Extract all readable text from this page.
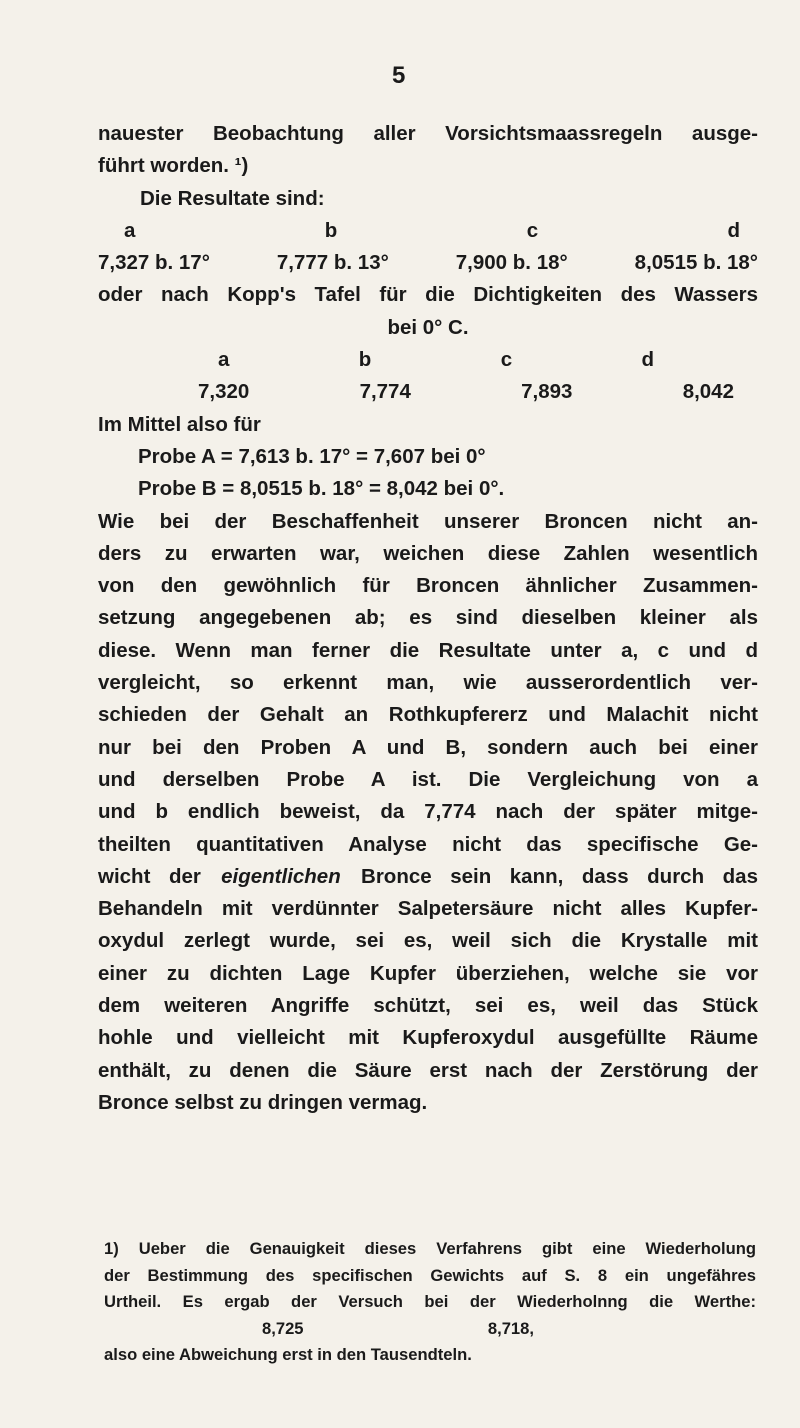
5

nauester Beobachtung aller Vorsichtsmaassregeln ausge-

führt worden. ¹)

Die Resultate sind:

a	b	c	d
7,327 b. 17°	7,777 b. 13°	7,900 b. 18°	8,0515 b. 18°

oder nach Kopp's Tafel für die Dichtigkeiten des Wassers

bei 0° C.

a	b	c	d
7,320	7,774	7,893	8,042

Im Mittel also für

Probe A = 7,613 b. 17° = 7,607 bei 0°

Probe B = 8,0515 b. 18° = 8,042 bei 0°.

Wie bei der Beschaffenheit unserer Broncen nicht an-

ders zu erwarten war, weichen diese Zahlen wesentlich

von den gewöhnlich für Broncen ähnlicher Zusammen-

setzung angegebenen ab; es sind dieselben kleiner als

diese. Wenn man ferner die Resultate unter a, c und d

vergleicht, so erkennt man, wie ausserordentlich ver-

schieden der Gehalt an Rothkupfererz und Malachit nicht

nur bei den Proben A und B, sondern auch bei einer

und derselben Probe A ist. Die Vergleichung von a

und b endlich beweist, da 7,774 nach der später mitge-

theilten quantitativen Analyse nicht das specifische Ge-

wicht der  eigentlichen  Bronce sein kann, dass durch das

Behandeln mit verdünnter Salpetersäure nicht alles Kupfer-

oxydul zerlegt wurde, sei es, weil sich die Krystalle mit

einer zu dichten Lage Kupfer überziehen, welche sie vor

dem weiteren Angriffe schützt, sei es, weil das Stück

hohle und vielleicht mit Kupferoxydul ausgefüllte Räume

enthält, zu denen die Säure erst nach der Zerstörung der

Bronce selbst zu dringen vermag.

1) Ueber die Genauigkeit dieses Verfahrens gibt eine Wiederholung

der Bestimmung des specifischen Gewichts auf S. 8 ein ungefähres

Urtheil. Es ergab der Versuch bei der Wiederholnng die Werthe:

8,725	8,718,

also eine Abweichung erst in den Tausendteln.
